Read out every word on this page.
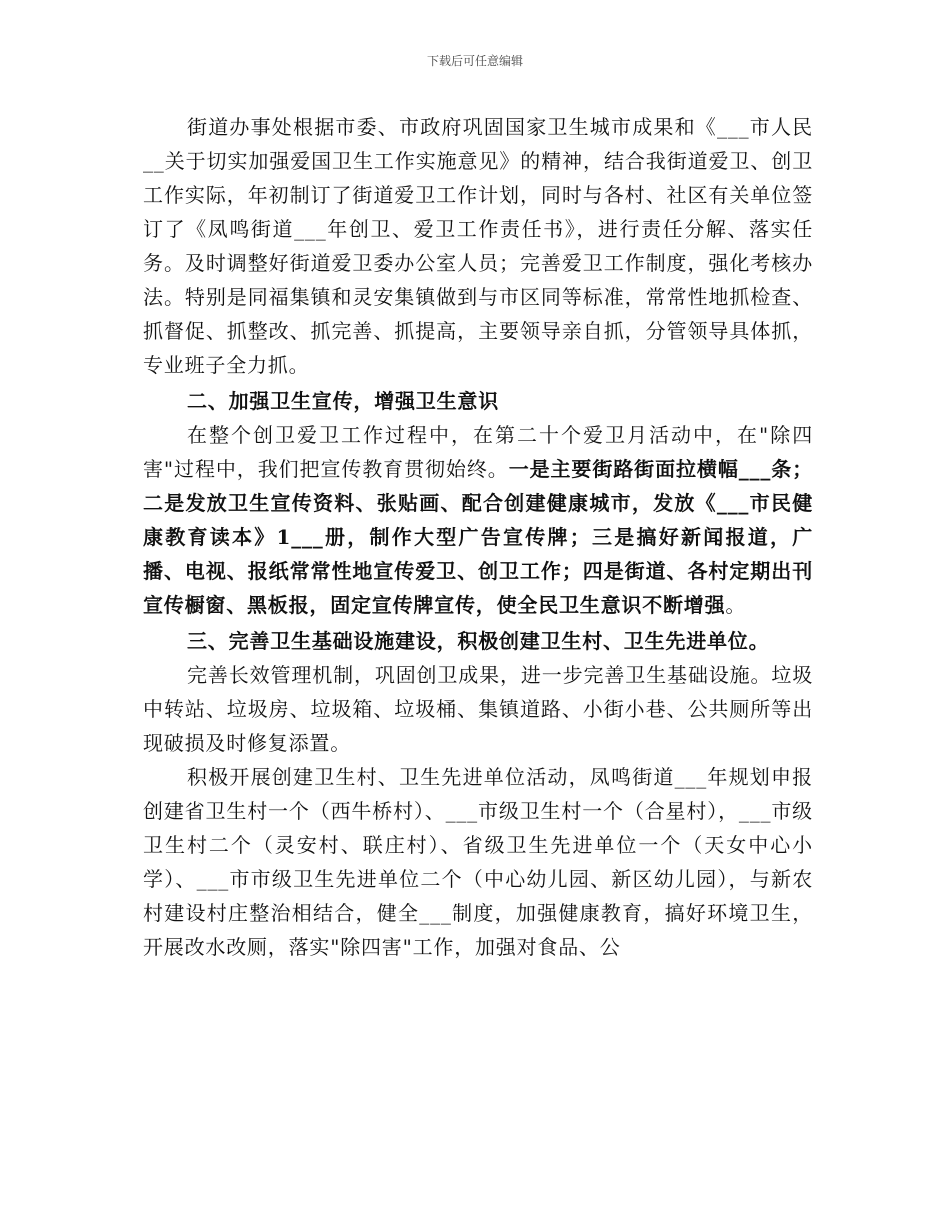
下载后可任意编辑

街道办事处根据市委、市政府巩固国家卫生城市成果和《___市人民__关于切实加强爱国卫生工作实施意见》的精神，结合我街道爱卫、创卫工作实际，年初制订了街道爱卫工作计划，同时与各村、社区有关单位签订了《凤鸣街道___年创卫、爱卫工作责任书》，进行责任分解、落实任务。及时调整好街道爱卫委办公室人员；完善爱卫工作制度，强化考核办法。特别是同福集镇和灵安集镇做到与市区同等标准，常常性地抓检查、抓督促、抓整改、抓完善、抓提高，主要领导亲自抓，分管领导具体抓，专业班子全力抓。

二、加强卫生宣传，增强卫生意识

在整个创卫爱卫工作过程中，在第二十个爱卫月活动中，在"除四害"过程中，我们把宣传教育贯彻始终。一是主要街路街面拉横幅___条；二是发放卫生宣传资料、张贴画、配合创建健康城市，发放《___市民健康教育读本》1___册，制作大型广告宣传牌；三是搞好新闻报道，广播、电视、报纸常常性地宣传爱卫、创卫工作；四是街道、各村定期出刊宣传橱窗、黑板报，固定宣传牌宣传，使全民卫生意识不断增强。

三、完善卫生基础设施建设，积极创建卫生村、卫生先进单位。

完善长效管理机制，巩固创卫成果，进一步完善卫生基础设施。垃圾中转站、垃圾房、垃圾箱、垃圾桶、集镇道路、小街小巷、公共厕所等出现破损及时修复添置。

积极开展创建卫生村、卫生先进单位活动，凤鸣街道___年规划申报创建省卫生村一个（西牛桥村）、___市级卫生村一个（合星村），___市级卫生村二个（灵安村、联庄村）、省级卫生先进单位一个（天女中心小学）、___市市级卫生先进单位二个（中心幼儿园、新区幼儿园），与新农村建设村庄整治相结合，健全___制度，加强健康教育，搞好环境卫生，开展改水改厕，落实"除四害"工作，加强对食品、公
